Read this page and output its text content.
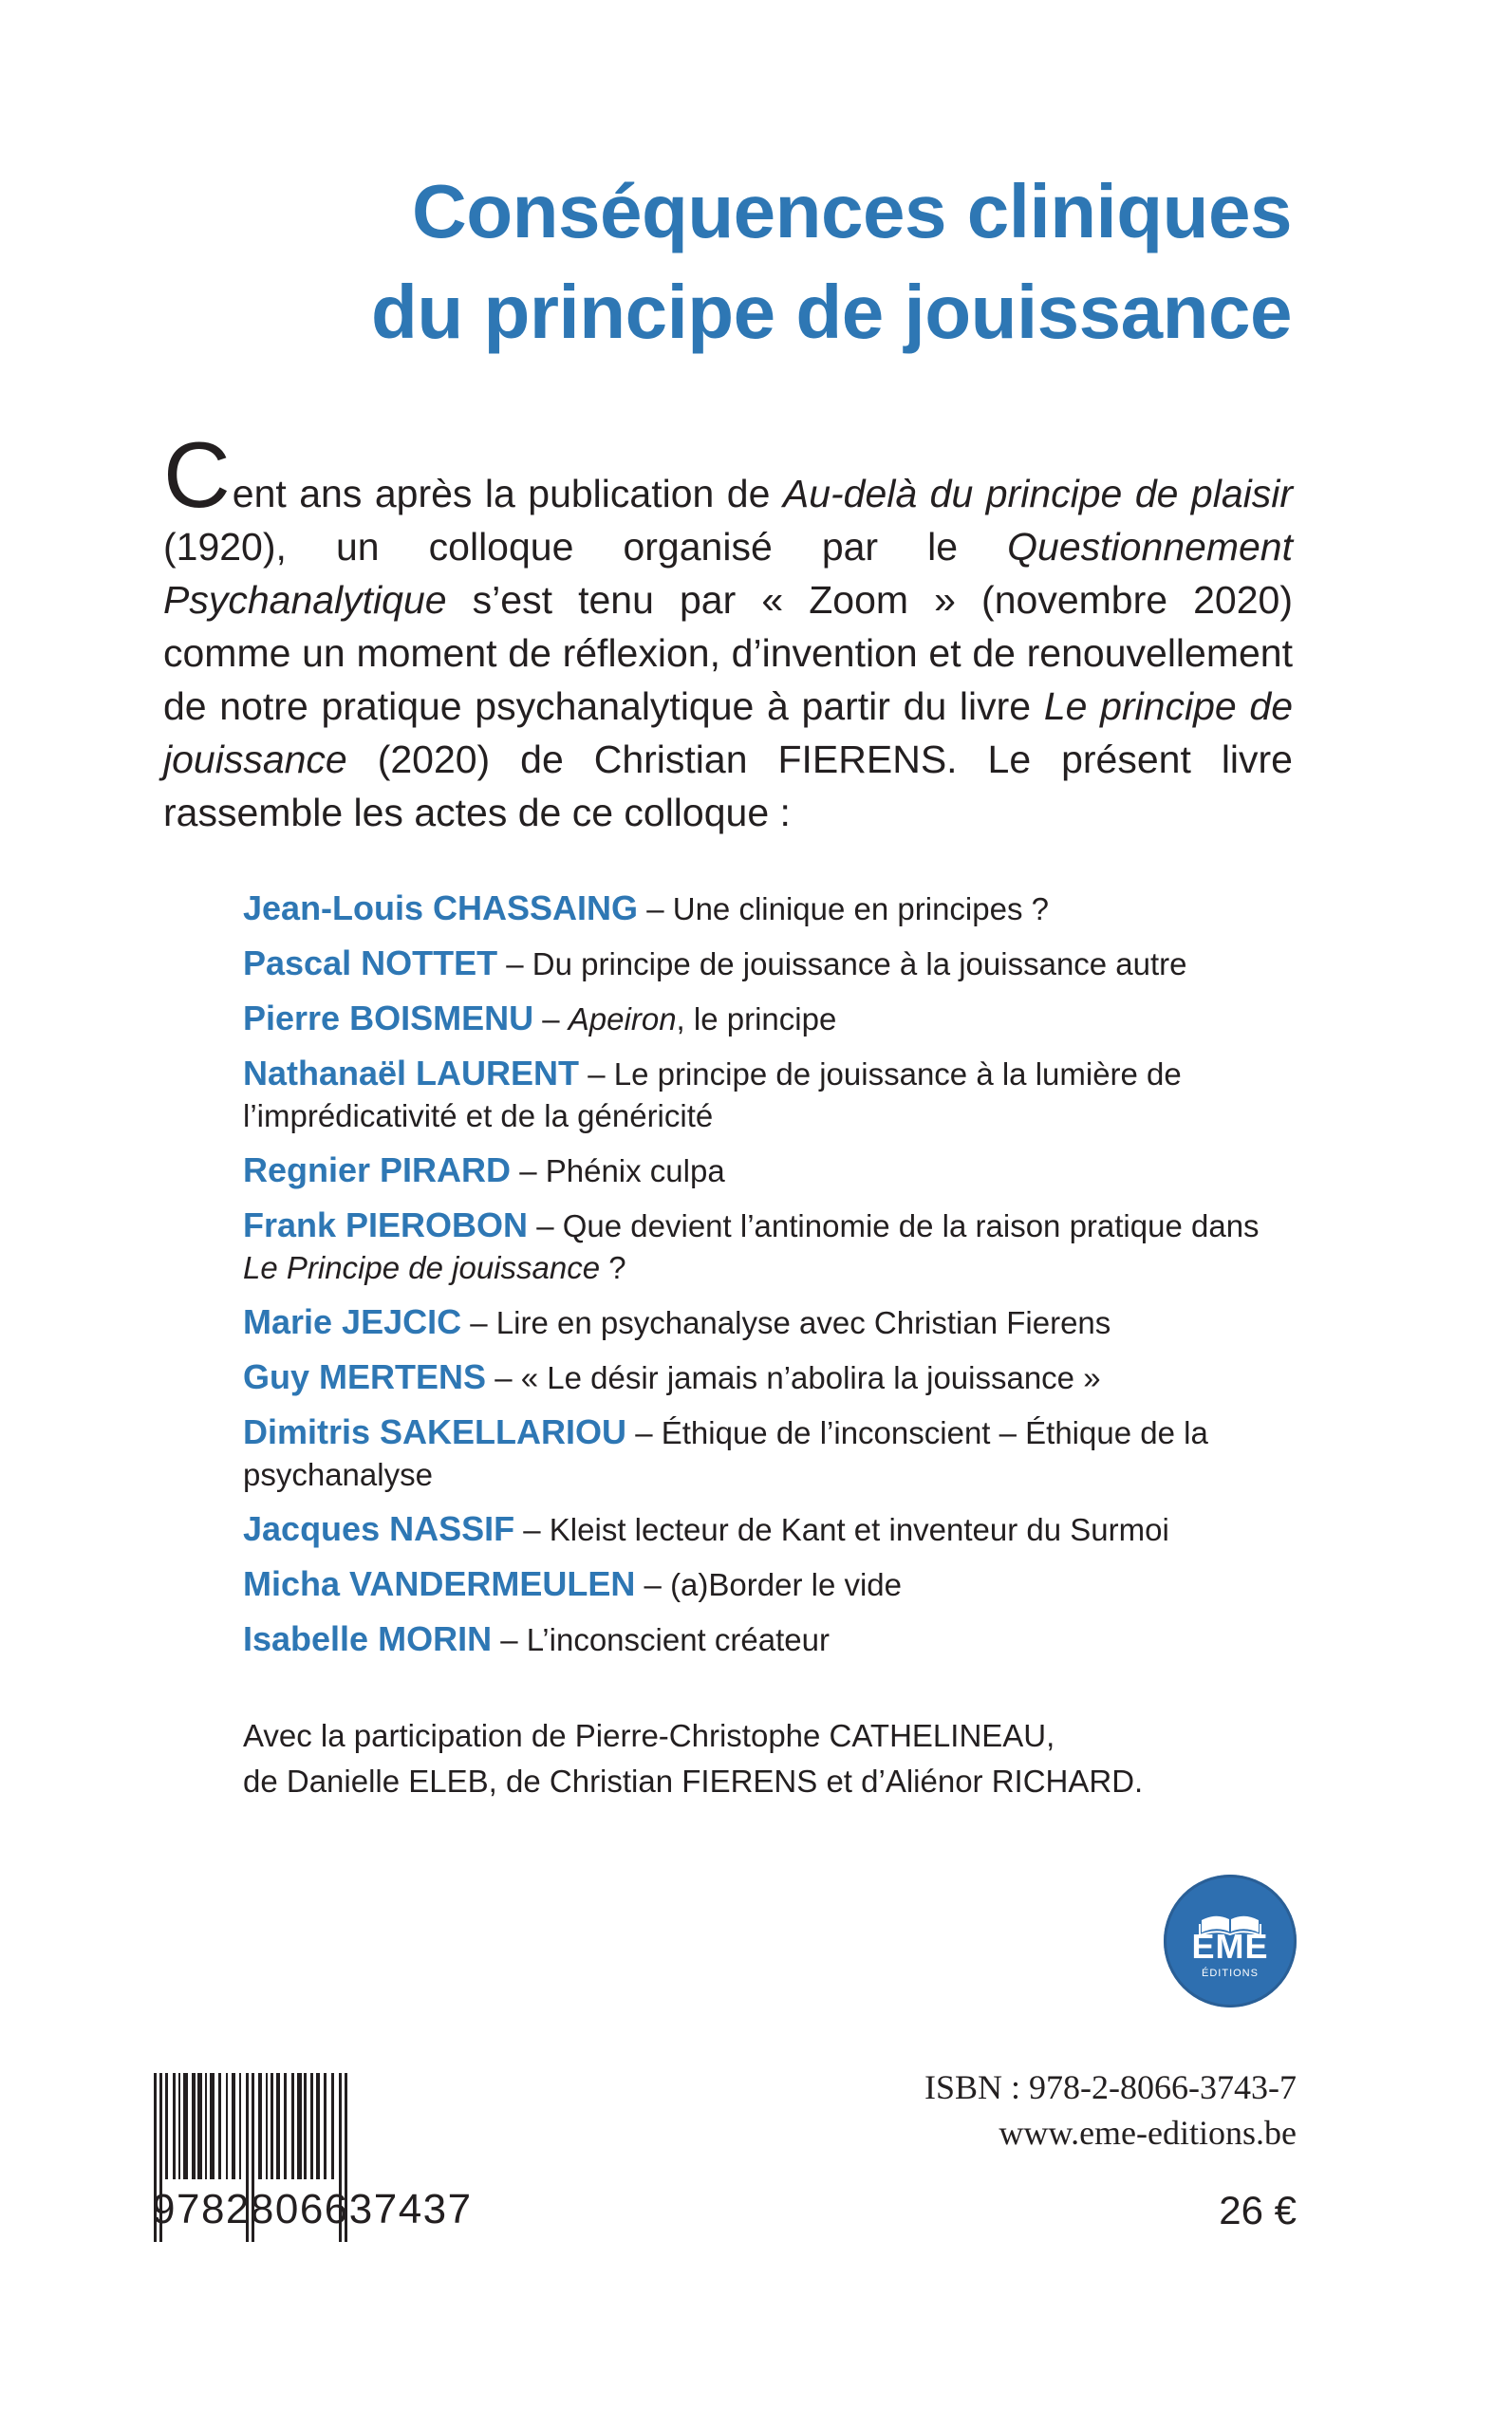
Conséquences cliniques
du principe de jouissance

Cent ans après la publication de Au-delà du principe de plaisir (1920), un colloque organisé par le Questionnement Psychanalytique s’est tenu par « Zoom » (novembre 2020) comme un moment de réflexion, d’invention et de renouvellement de notre pratique psychanalytique à partir du livre Le principe de jouissance (2020) de Christian FIERENS. Le présent livre rassemble les actes de ce colloque :

Jean-Louis CHASSAING – Une clinique en principes ?
Pascal NOTTET – Du principe de jouissance à la jouissance autre
Pierre BOISMENU – Apeiron, le principe
Nathanaël LAURENT – Le principe de jouissance à la lumière de l’imprédicativité et de la généricité
Regnier PIRARD – Phénix culpa
Frank PIEROBON – Que devient l’antinomie de la raison pratique dans Le Principe de jouissance ?
Marie JEJCIC – Lire en psychanalyse avec Christian Fierens
Guy MERTENS – « Le désir jamais n’abolira la jouissance »
Dimitris SAKELLARIOU – Éthique de l’inconscient – Éthique de la psychanalyse
Jacques NASSIF – Kleist lecteur de Kant et inventeur du Surmoi
Micha VANDERMEULEN – (a)Border le vide
Isabelle MORIN – L’inconscient créateur
Avec la participation de Pierre-Christophe CATHELINEAU,
de Danielle ELEB, de Christian FIERENS et d’Aliénor RICHARD.
EME
ÉDITIONS
ISBN : 978-2-8066-3743-7
www.eme-editions.be
26 €
9782806637437
